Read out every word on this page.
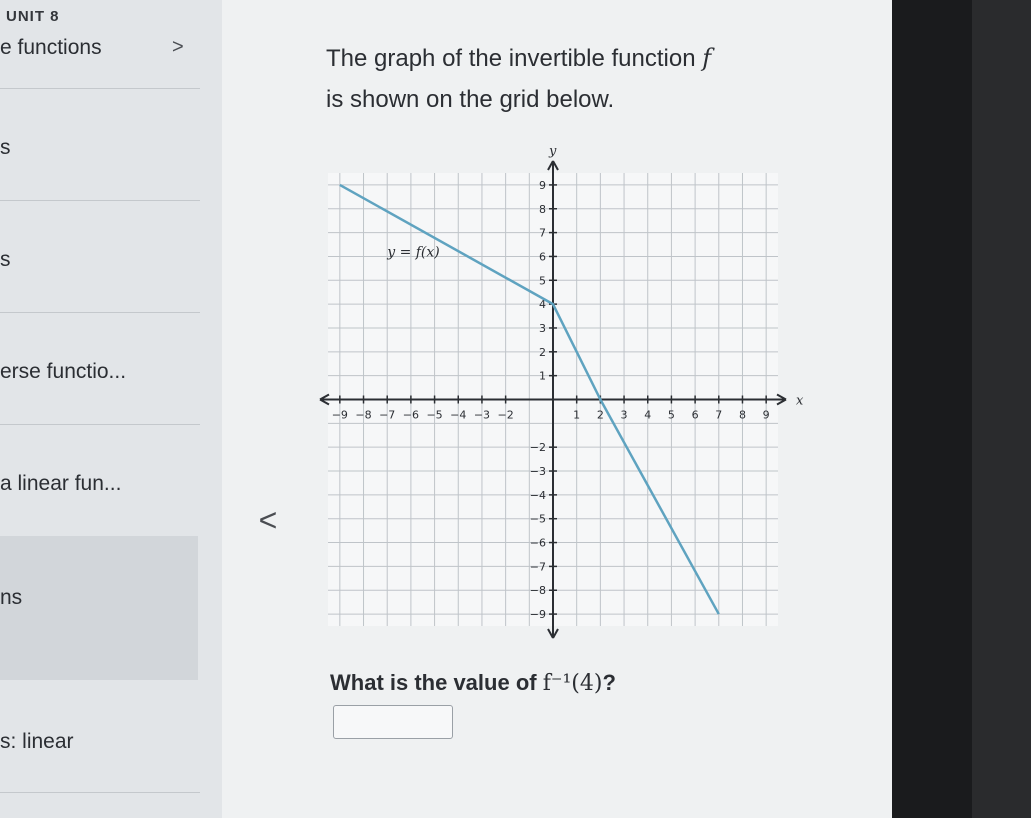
UNIT 8
e functions	>
s
s
erse functio...
a linear fun...
ns
s: linear
<
The graph of the invertible function f
is shown on the grid below.
x
y
−9 −8 −7 −6 −5 −4 −3 −2	1 2 3 4 5 6 7 8 9
9
8
7
6
5
4
3
2
1
−2
−3
−4
−5
−6
−7
−8
−9
y = f(x)
What is the value of f⁻¹(4)?
